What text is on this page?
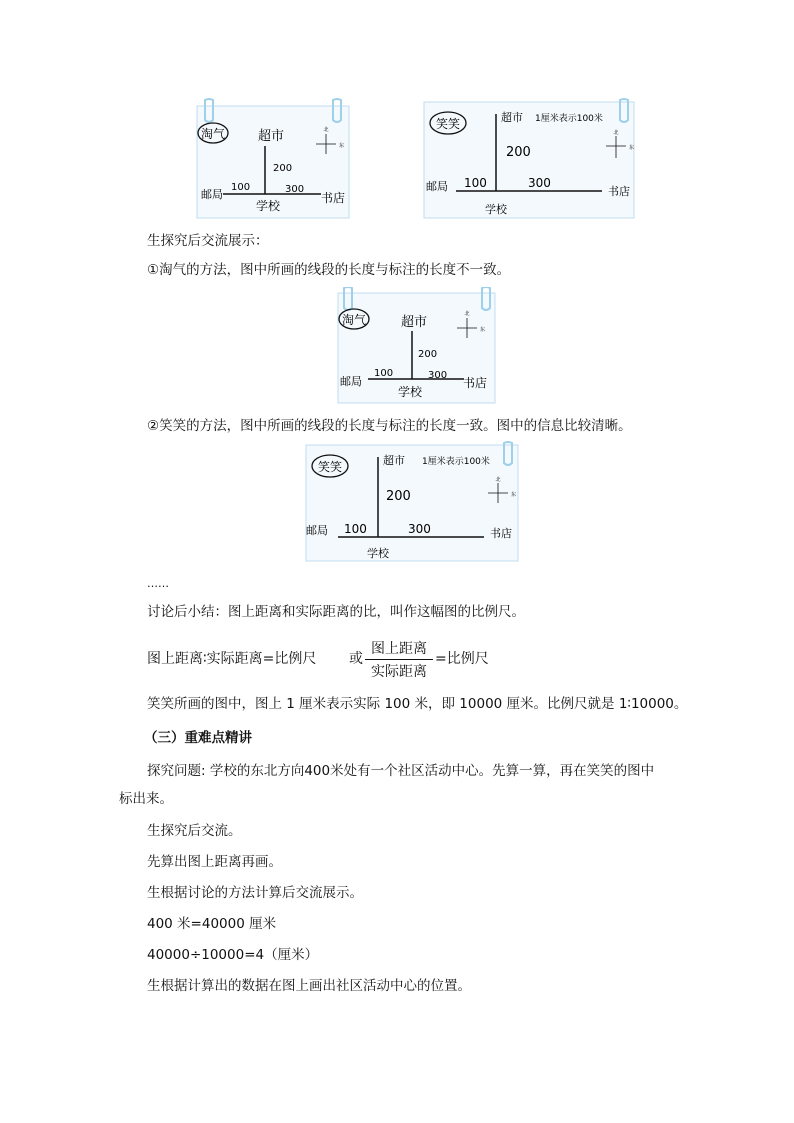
淘气	超市	北
东
200
邮局
100	300
书店
学校
笑笑	超市 1厘米表示100米
北
东
200
邮局 100	300
书店
学校
生探究后交流展示：
①淘气的方法，图中所画的线段的长度与标注的长度不一致。
淘气	超市
北
东
200
邮局
100	300
书店
学校
②笑笑的方法，图中所画的线段的长度与标注的长度一致。图中的信息比较清晰。
笑笑	超市 1厘米表示100米
北
东
200
邮局 100	300	书店
学校
……
讨论后小结：图上距离和实际距离的比，叫作这幅图的比例尺。
图上距离∶实际距离=比例尺 或
图上距离
实际距离
=比例尺
笑笑所画的图中，图上 1 厘米表示实际 100 米，即 10000 厘米。比例尺就是 1∶10000。
（三）重难点精讲
探究问题: 学校的东北方向400米处有一个社区活动中心。先算一算，再在笑笑的图中
标出来。
生探究后交流。
先算出图上距离再画。
生根据讨论的方法计算后交流展示。
400 米=40000 厘米
40000÷10000=4（厘米）
生根据计算出的数据在图上画出社区活动中心的位置。
